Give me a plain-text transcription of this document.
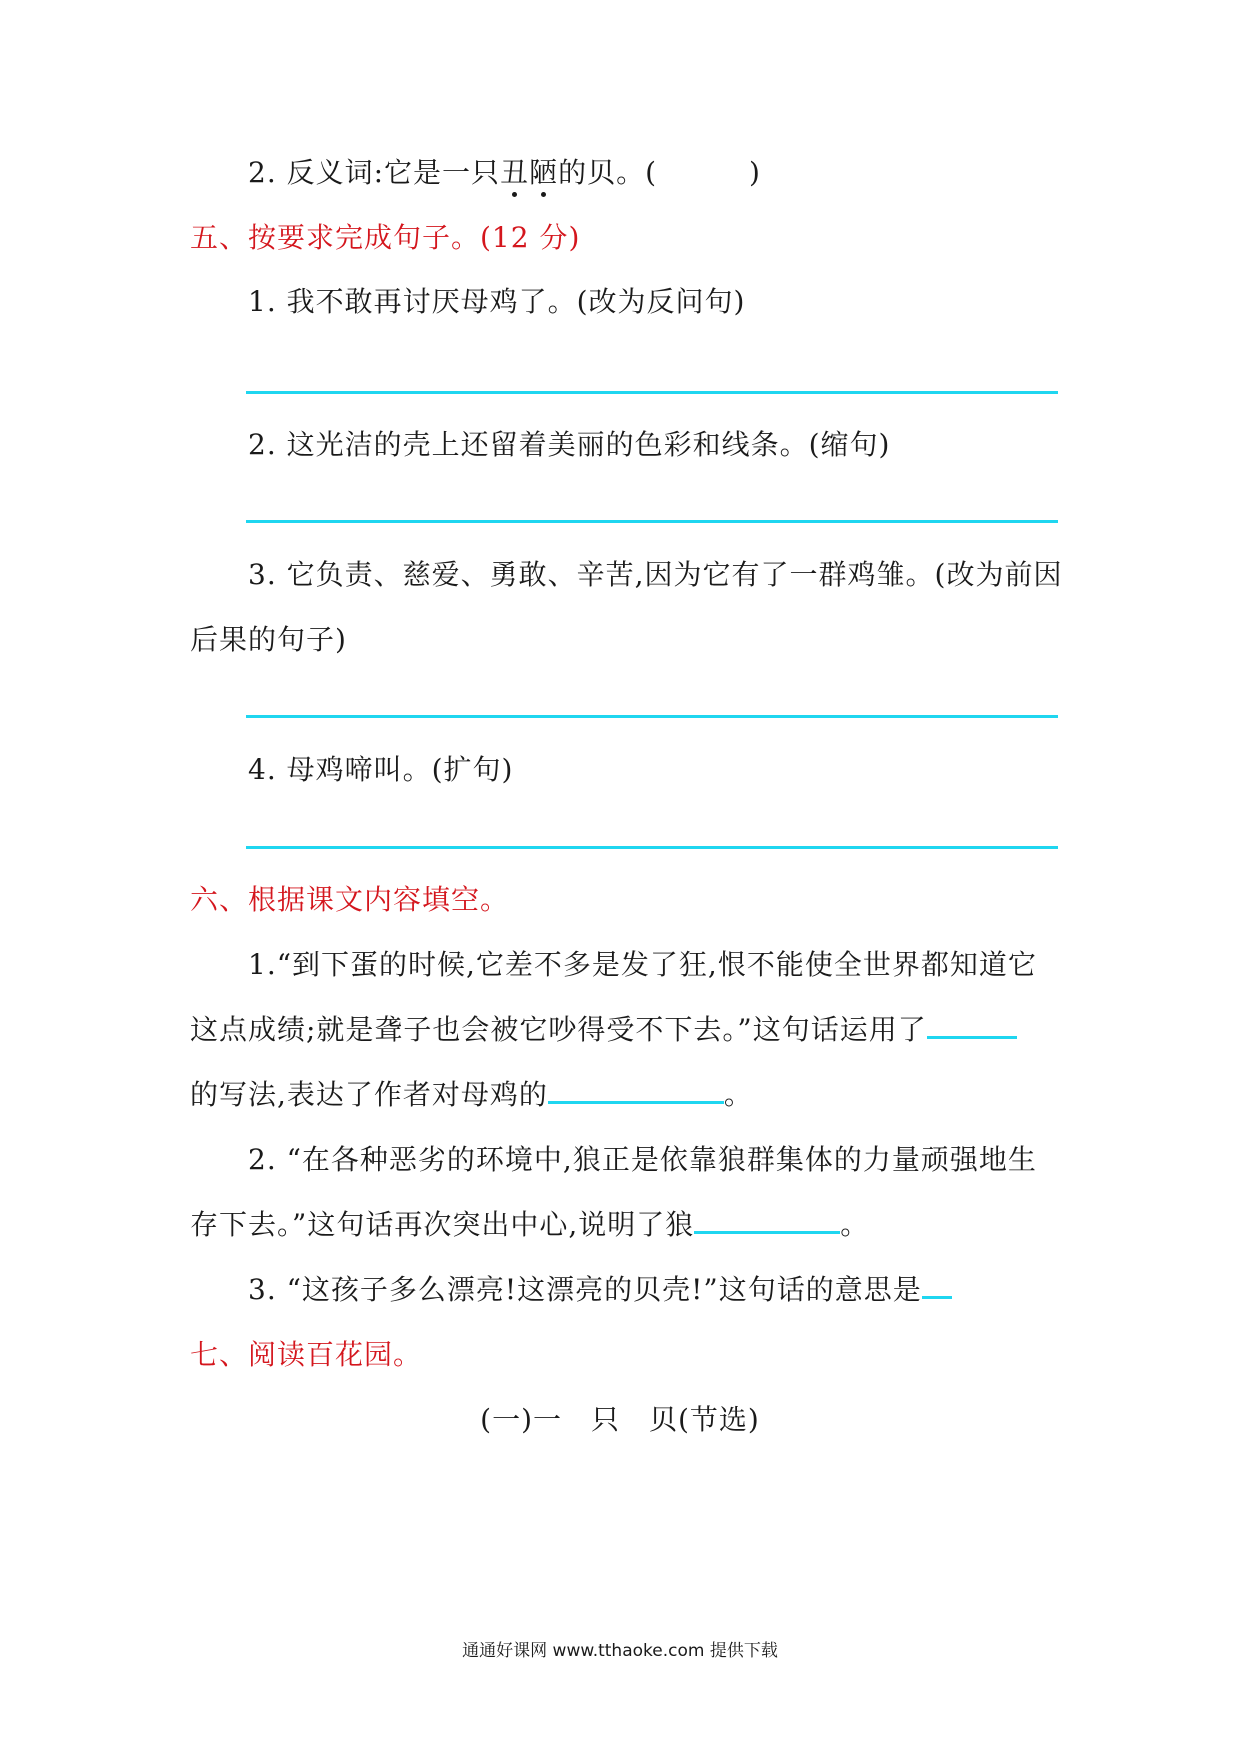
2. 反义词:它是一只丑陋的贝。(	)
五、按要求完成句子。(12 分)
1. 我不敢再讨厌母鸡了。(改为反问句)
2. 这光洁的壳上还留着美丽的色彩和线条。(缩句)
3. 它负责、慈爱、勇敢、辛苦,因为它有了一群鸡雏。(改为前因
后果的句子)
4. 母鸡啼叫。(扩句)
六、根据课文内容填空。
1.“到下蛋的时候,它差不多是发了狂,恨不能使全世界都知道它
这点成绩;就是聋子也会被它吵得受不下去。”这句话运用了
的写法,表达了作者对母鸡的	。
2. “在各种恶劣的环境中,狼正是依靠狼群集体的力量顽强地生
存下去。”这句话再次突出中心,说明了狼	。
3. “这孩子多么漂亮!这漂亮的贝壳!”这句话的意思是
七、阅读百花园。
(一)一　只　贝(节选)
通通好课网 www.tthaoke.com 提供下载
